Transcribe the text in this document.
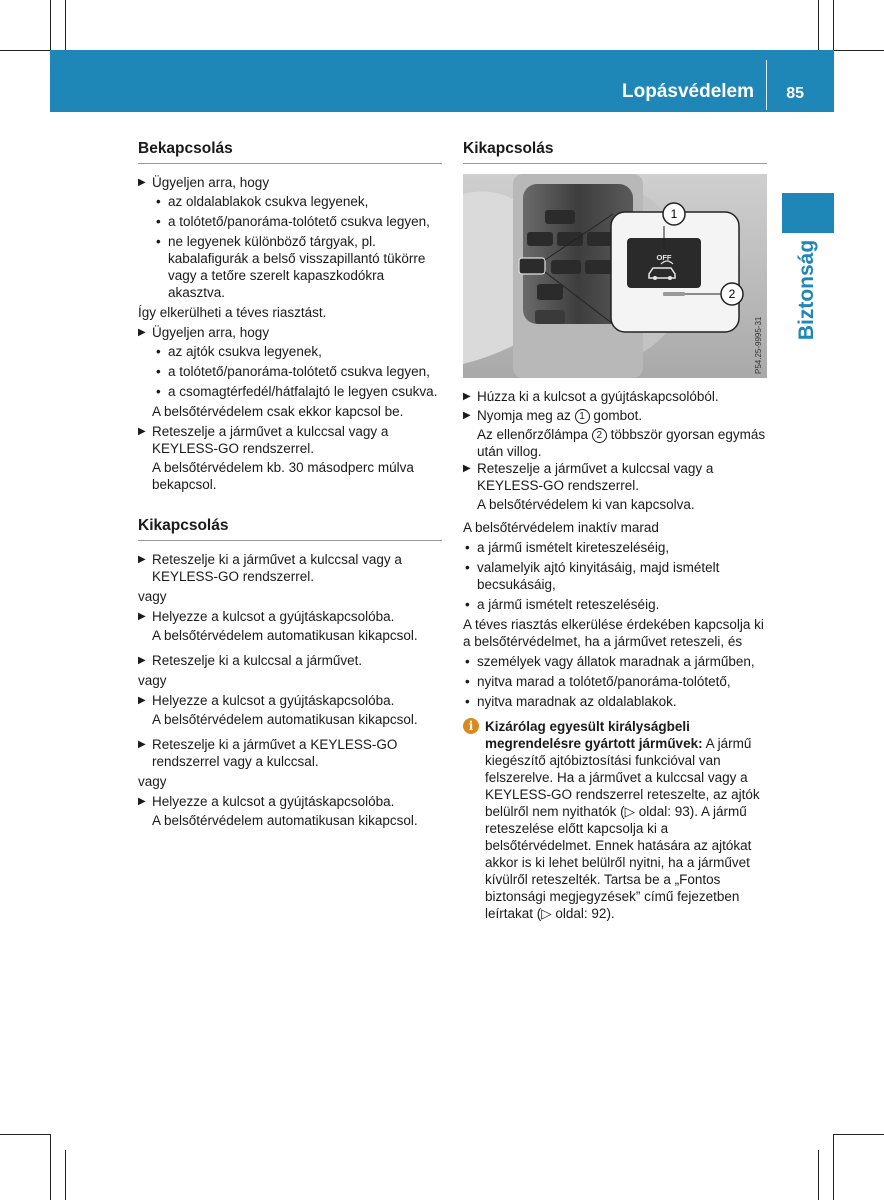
Lopásvédelem 85
Biztonság
Bekapcsolás
▶ Ügyeljen arra, hogy
• az oldalablakok csukva legyenek,
• a tolótető/panoráma-tolótető csukva legyen,
• ne legyenek különböző tárgyak, pl. kabalafigurák a belső visszapillantó tükörre vagy a tetőre szerelt kapaszkodókra akasztva.
Így elkerülheti a téves riasztást.
▶ Ügyeljen arra, hogy
• az ajtók csukva legyenek,
• a tolótető/panoráma-tolótető csukva legyen,
• a csomagtérfedél/hátfalajtó le legyen csukva.
A belsőtérvédelem csak ekkor kapcsol be.
▶ Reteszelje a járművet a kulccsal vagy a KEYLESS-GO rendszerrel.
A belsőtérvédelem kb. 30 másodperc múlva bekapcsol.
Kikapcsolás
▶ Reteszelje ki a járművet a kulccsal vagy a KEYLESS-GO rendszerrel.
vagy
▶ Helyezze a kulcsot a gyújtáskapcsolóba.
A belsőtérvédelem automatikusan kikapcsol.
▶ Reteszelje ki a kulccsal a járművet.
vagy
▶ Helyezze a kulcsot a gyújtáskapcsolóba.
A belsőtérvédelem automatikusan kikapcsol.
▶ Reteszelje ki a járművet a KEYLESS-GO rendszerrel vagy a kulccsal.
vagy
▶ Helyezze a kulcsot a gyújtáskapcsolóba.
A belsőtérvédelem automatikusan kikapcsol.
Kikapcsolás
OFF
1
2
P54.25-9995-31
▶ Húzza ki a kulcsot a gyújtáskapcsolóból.
▶ Nyomja meg az 1 gombot.
Az ellenőrzőlámpa 2 többször gyorsan egymás után villog.
▶ Reteszelje a járművet a kulccsal vagy a KEYLESS-GO rendszerrel.
A belsőtérvédelem ki van kapcsolva.
A belsőtérvédelem inaktív marad
• a jármű ismételt kireteszeléséig,
• valamelyik ajtó kinyitásáig, majd ismételt becsukásáig,
• a jármű ismételt reteszeléséig.
A téves riasztás elkerülése érdekében kapcsolja ki a belsőtérvédelmet, ha a járművet reteszeli, és
• személyek vagy állatok maradnak a járműben,
• nyitva marad a tolótető/panoráma-tolótető,
• nyitva maradnak az oldalablakok.
i Kizárólag egyesült királyságbeli megrendelésre gyártott járművek: A jármű kiegészítő ajtóbiztosítási funkcióval van felszerelve. Ha a járművet a kulccsal vagy a KEYLESS-GO rendszerrel reteszelte, az ajtók belülről nem nyithatók (▷ oldal: 93). A jármű reteszelése előtt kapcsolja ki a belsőtérvédelmet. Ennek hatására az ajtókat akkor is ki lehet belülről nyitni, ha a járművet kívülről reteszelték. Tartsa be a „Fontos biztonsági megjegyzések” című fejezetben leírtakat (▷ oldal: 92).
